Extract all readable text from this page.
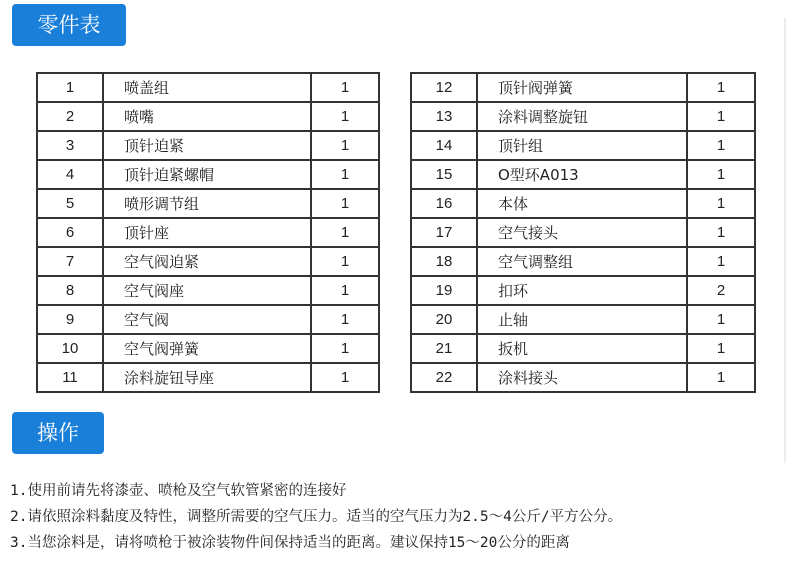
零件表
1	喷盖组	1
2	喷嘴	1
3	顶针迫紧	1
4	顶针迫紧螺帽	1
5	喷形调节组	1
6	顶针座	1
7	空气阀迫紧	1
8	空气阀座	1
9	空气阀	1
10	空气阀弹簧	1
11	涂料旋钮导座	1
12	顶针阀弹簧	1
13	涂料调整旋钮	1
14	顶针组	1
15	O型环A013	1
16	本体	1
17	空气接头	1
18	空气调整组	1
19	扣环	2
20	止轴	1
21	扳机	1
22	涂料接头	1
操作
1.使用前请先将漆壶、喷枪及空气软管紧密的连接好
2.请依照涂料黏度及特性，调整所需要的空气压力。适当的空气压力为2.5～4公斤/平方公分。
3.当您涂料是，请将喷枪于被涂装物件间保持适当的距离。建议保持15～20公分的距离
